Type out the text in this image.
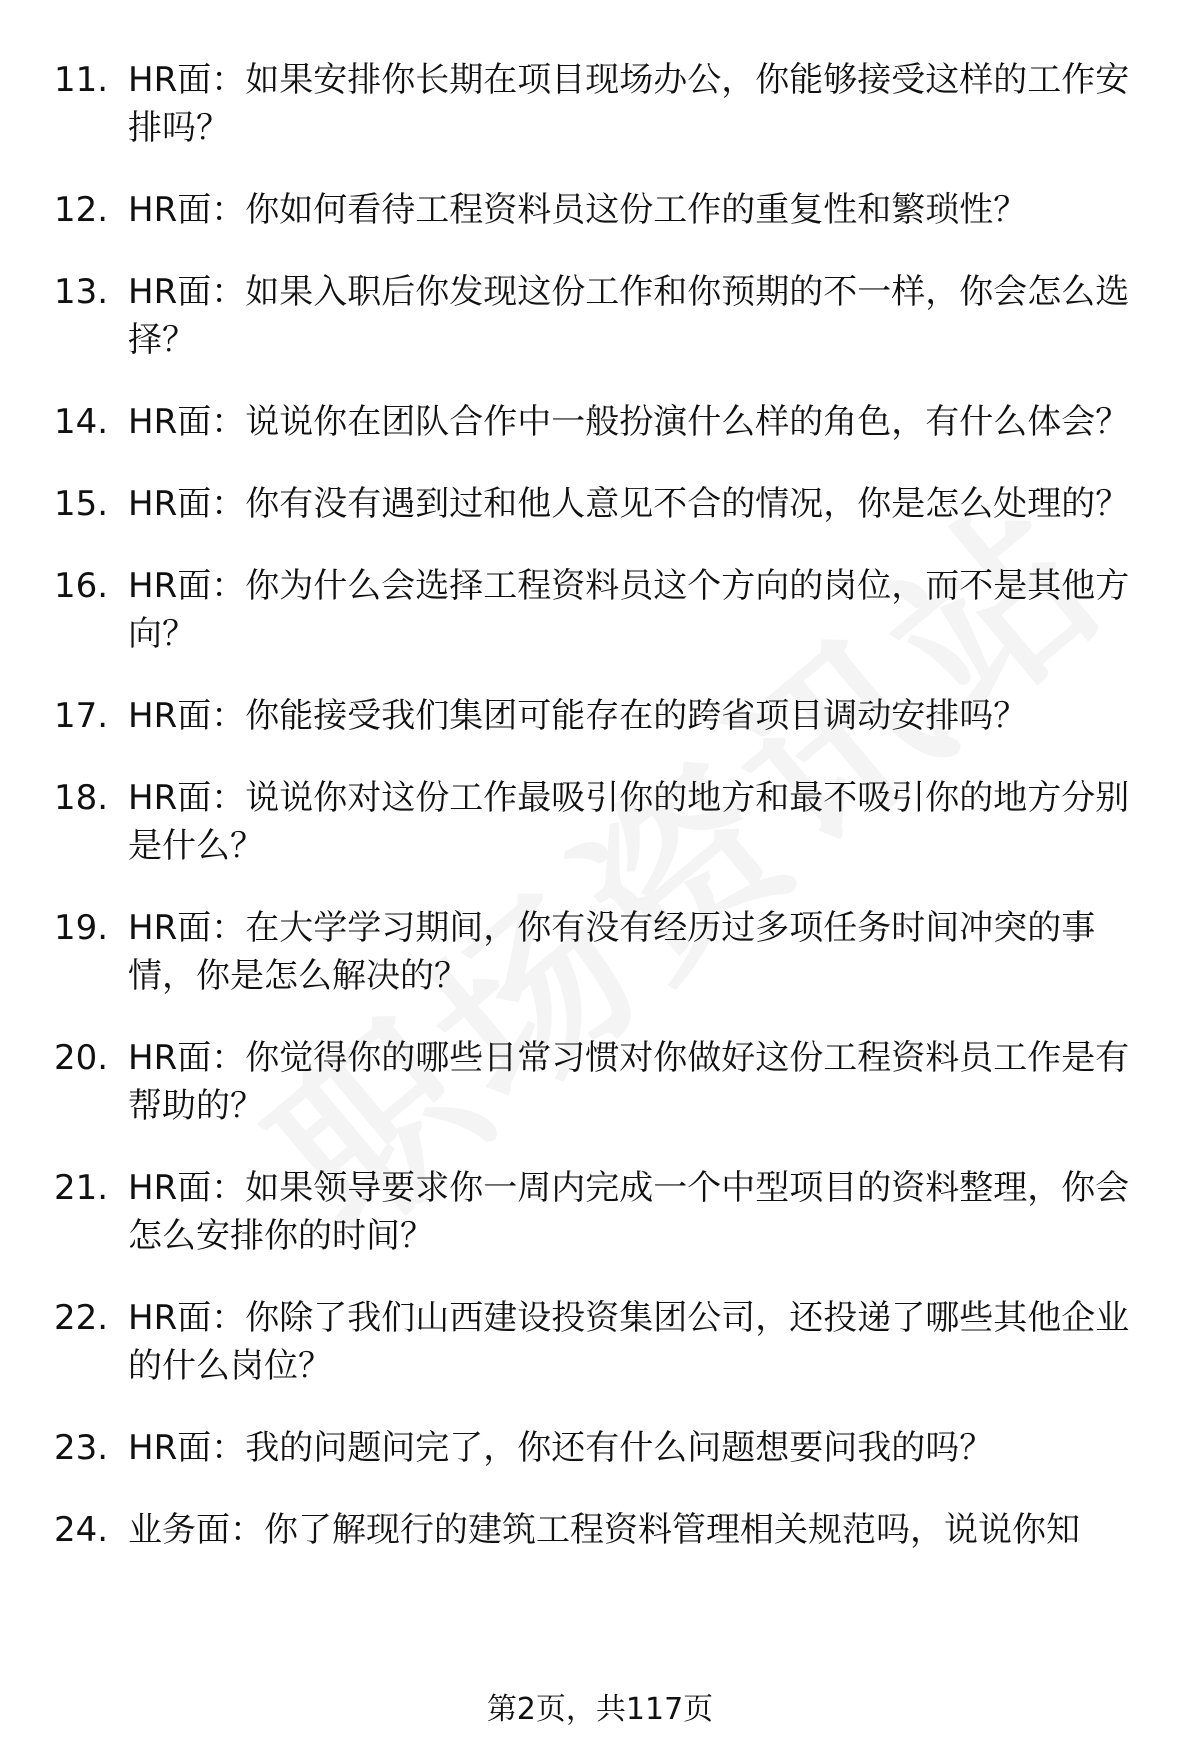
11. HR面：如果安排你长期在项目现场办公，你能够接受这样的工作安排吗？
12. HR面：你如何看待工程资料员这份工作的重复性和繁琐性？
13. HR面：如果入职后你发现这份工作和你预期的不一样，你会怎么选择？
14. HR面：说说你在团队合作中一般扮演什么样的角色，有什么体会？
15. HR面：你有没有遇到过和他人意见不合的情况，你是怎么处理的？
16. HR面：你为什么会选择工程资料员这个方向的岗位，而不是其他方向？
17. HR面：你能接受我们集团可能存在的跨省项目调动安排吗？
18. HR面：说说你对这份工作最吸引你的地方和最不吸引你的地方分别是什么？
19. HR面：在大学学习期间，你有没有经历过多项任务时间冲突的事情，你是怎么解决的？
20. HR面：你觉得你的哪些日常习惯对你做好这份工程资料员工作是有帮助的？
21. HR面：如果领导要求你一周内完成一个中型项目的资料整理，你会怎么安排你的时间？
22. HR面：你除了我们山西建设投资集团公司，还投递了哪些其他企业的什么岗位？
23. HR面：我的问题问完了，你还有什么问题想要问我的吗？
24. 业务面：你了解现行的建筑工程资料管理相关规范吗，说说你知
第2页，共117页
